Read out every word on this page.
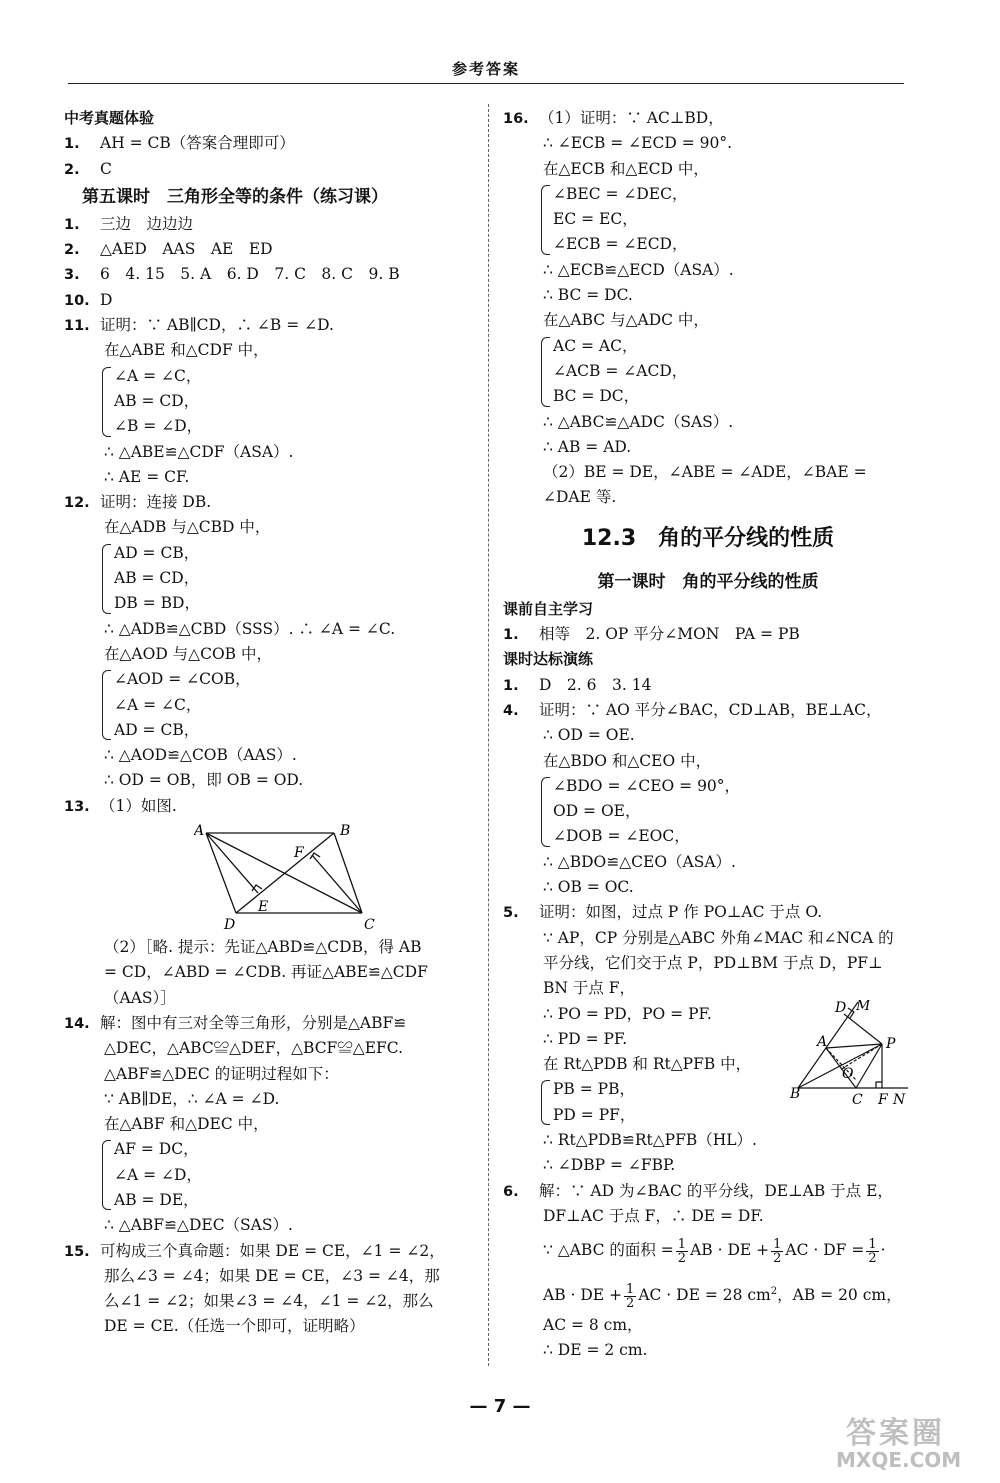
参考答案
中考真题体验
1. AH = CB（答案合理即可）
2. C
第五课时　三角形全等的条件（练习课）
1. 三边　边边边
2. △AED　AAS　AE　ED
3. 6　4. 15　5. A　6. D　7. C　8. C　9. B
10. D
11. 证明：∵ AB∥CD，∴ ∠B = ∠D.
在△ABE 和△CDF 中，
∠A = ∠C，
AB = CD，
∠B = ∠D，
∴ △ABE≌△CDF（ASA）.
∴ AE = CF.
12. 证明：连接 DB.
在△ADB 与△CBD 中，
AD = CB，
AB = CD，
DB = BD，
∴ △ADB≌△CBD（SSS）. ∴ ∠A = ∠C.
在△AOD 与△COB 中，
∠AOD = ∠COB，
∠A = ∠C，
AD = CB，
∴ △AOD≌△COB（AAS）.
∴ OD = OB，即 OB = OD.
13. （1）如图.
A	B
F
E
D	C
（2）［略. 提示：先证△ABD≌△CDB，得 AB
= CD，∠ABD = ∠CDB. 再证△ABE≌△CDF
（AAS）］
14. 解：图中有三对全等三角形，分别是△ABF≌
△DEC，△ABC≌△DEF，△BCF≌△EFC.
△ABF≌△DEC 的证明过程如下：
∵ AB∥DE，∴ ∠A = ∠D.
在△ABF 和△DEC 中，
AF = DC，
∠A = ∠D，
AB = DE，
∴ △ABF≌△DEC（SAS）.
15. 可构成三个真命题：如果 DE = CE，∠1 = ∠2，
那么∠3 = ∠4；如果 DE = CE，∠3 = ∠4，那
么∠1 = ∠2；如果∠3 = ∠4，∠1 = ∠2，那么
DE = CE.（任选一个即可，证明略）
16. （1）证明：∵ AC⊥BD，
∴ ∠ECB = ∠ECD = 90°.
在△ECB 和△ECD 中，
∠BEC = ∠DEC，
EC = EC，
∠ECB = ∠ECD，
∴ △ECB≌△ECD（ASA）.
∴ BC = DC.
在△ABC 与△ADC 中，
AC = AC，
∠ACB = ∠ACD，
BC = DC，
∴ △ABC≌△ADC（SAS）.
∴ AB = AD.
（2）BE = DE，∠ABE = ∠ADE，∠BAE =
∠DAE 等.
12.3　角的平分线的性质
第一课时　角的平分线的性质
课前自主学习
1. 相等　2. OP 平分∠MON　PA = PB
课时达标演练
1. D　2. 6　3. 14
4. 证明：∵ AO 平分∠BAC，CD⊥AB，BE⊥AC，
∴ OD = OE.
在△BDO 和△CEO 中，
∠BDO = ∠CEO = 90°，
OD = OE，
∠DOB = ∠EOC，
∴ △BDO≌△CEO（ASA）.
∴ OB = OC.
5. 证明：如图，过点 P 作 PO⊥AC 于点 O.
∵ AP，CP 分别是△ABC 外角∠MAC 和∠NCA 的
平分线，它们交于点 P，PD⊥BM 于点 D，PF⊥
BN 于点 F，
∴ PO = PD，PO = PF.
∴ PD = PF.
在 Rt△PDB 和 Rt△PFB 中，
PB = PB，
PD = PF，
∴ Rt△PDB≌Rt△PFB（HL）.
∴ ∠DBP = ∠FBP.
6. 解：∵ AD 为∠BAC 的平分线，DE⊥AB 于点 E，
DF⊥AC 于点 F，∴ DE = DF.
∵ △ABC 的面积 = $\frac{1}{2}$ AB · DE + $\frac{1}{2}$ AC · DF = $\frac{1}{2}$ ·
AB · DE + $\frac{1}{2}$ AC · DE = 28 $cm^2$，AB = 20 cm，
AC = 8 cm，
∴ DE = 2 cm.
D M
A	P
O
B	C F N
— 7 —
答案圈
MXQE.COM
